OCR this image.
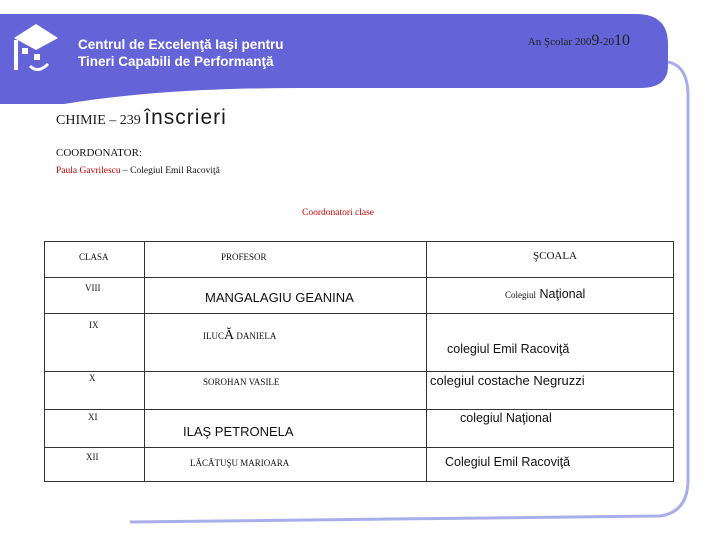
Centrul de Excelenţă Iaşi pentru
Tineri Capabili de Performanţă
An Şcolar 2009-2010
CHIMIE – 239 înscrieri
COORDONATOR:
Paula Gavrilescu – Colegiul Emil Racoviţă
Coordonatori clase
CLASA	PROFESOR	ŞCOALA

VIII	MANGALAGIU GEANINA	Colegiul Naţional

IX	ILUCĂ DANIELA	colegiul Emil Racoviţă

X	SOROHAN VASILE	colegiul costache Negruzzi

XI	ILAŞ PETRONELA	colegiul Naţional

XII	LĂCĂTUŞU MARIOARA	Colegiul Emil Racoviţă
